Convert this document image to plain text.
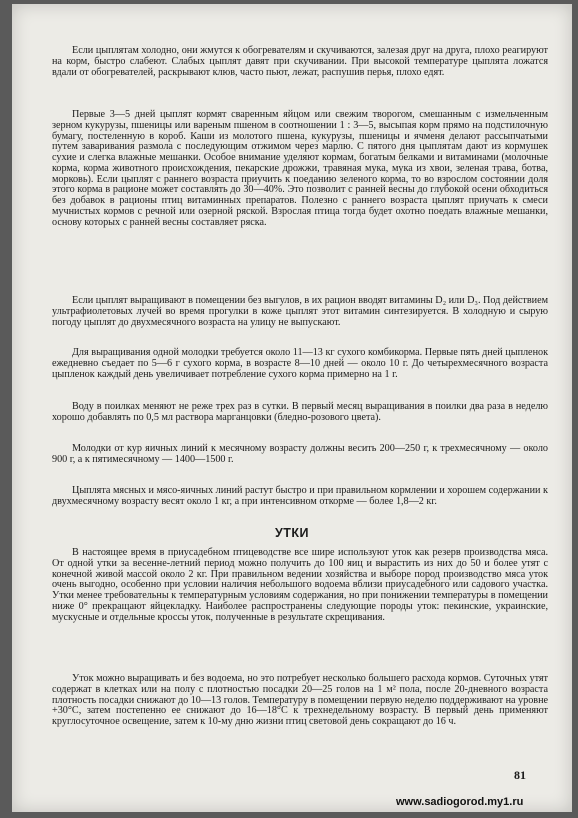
Если цыплятам холодно, они жмутся к обогревателям и скучиваются, залезая друг на друга, плохо реагируют на корм, быстро слабеют. Слабых цыплят давят при скучивании. При высокой температуре цыплята ложатся вдали от обогревателей, раскрывают клюв, часто пьют, лежат, распушив перья, плохо едят.

Первые 3—5 дней цыплят кормят сваренным яйцом или свежим творогом, смешанным с измельченным зерном кукурузы, пшеницы или вареным пшеном в соотношении 1 : 3—5, высыпая корм прямо на подстилочную бумагу, постеленную в короб. Каши из молотого пшена, кукурузы, пшеницы и ячменя делают рассыпчатыми путем заваривания размола с последующим отжимом через марлю. С пятого дня цыплятам дают из кормушек сухие и слегка влажные мешанки. Особое внимание уделяют кормам, богатым белками и витаминами (молочные корма, корма животного происхождения, пекарские дрожжи, травяная мука, мука из хвои, зеленая трава, ботва, морковь). Если цыплят с раннего возраста приучить к поеданию зеленого корма, то во взрослом состоянии доля этого корма в рационе может составлять до 30—40%. Это позволит с ранней весны до глубокой осени обходиться без добавок в рационы птиц витаминных препаратов. Полезно с раннего возраста цыплят приучать к смеси мучнистых кормов с речной или озерной ряской. Взрослая птица тогда будет охотно поедать влажные мешанки, основу которых с ранней весны составляет ряска.

Если цыплят выращивают в помещении без выгулов, в их рацион вводят витамины D₂ или D₃. Под действием ультрафиолетовых лучей во время прогулки в коже цыплят этот витамин синтезируется. В холодную и сырую погоду цыплят до двухмесячного возраста на улицу не выпускают.

Для выращивания одной молодки требуется около 11—13 кг сухого комбикорма. Первые пять дней цыпленок ежедневно съедает по 5—6 г сухого корма, в возрасте 8—10 дней — около 10 г. До четырехмесячного возраста цыпленок каждый день увеличивает потребление сухого корма примерно на 1 г.

Воду в поилках меняют не реже трех раз в сутки. В первый месяц выращивания в поилки два раза в неделю хорошо добавлять по 0,5 мл раствора марганцовки (бледно-розового цвета).

Молодки от кур яичных линий к месячному возрасту должны весить 200—250 г, к трехмесячному — около 900 г, а к пятимесячному — 1400—1500 г.

Цыплята мясных и мясо-яичных линий растут быстро и при правильном кормлении и хорошем содержании к двухмесячному возрасту весят около 1 кг, а при интенсивном откорме — более 1,8—2 кг.

УТКИ

В настоящее время в приусадебном птицеводстве все шире используют уток как резерв производства мяса. От одной утки за весенне-летний период можно получить до 100 яиц и вырастить из них до 50 и более утят с конечной живой массой около 2 кг. При правильном ведении хозяйства и выборе пород производство мяса уток очень выгодно, особенно при условии наличия небольшого водоема вблизи приусадебного или садового участка. Утки менее требовательны к температурным условиям содержания, но при понижении температуры в помещении ниже 0° прекращают яйцекладку. Наиболее распространены следующие породы уток: пекинские, украинские, мускусные и отдельные кроссы уток, полученные в результате скрещивания.

Уток можно выращивать и без водоема, но это потребует несколько большего расхода кормов. Суточных утят содержат в клетках или на полу с плотностью посадки 20—25 голов на 1 м² пола, после 20-дневного возраста плотность посадки снижают до 10—13 голов. Температуру в помещении первую неделю поддерживают на уровне +30°С, затем постепенно ее снижают до 16—18°С к трехнедельному возрасту. В первый день применяют круглосуточное освещение, затем к 10-му дню жизни птиц световой день сокращают до 16 ч.

81
www.sadiogorod.my1.ru
